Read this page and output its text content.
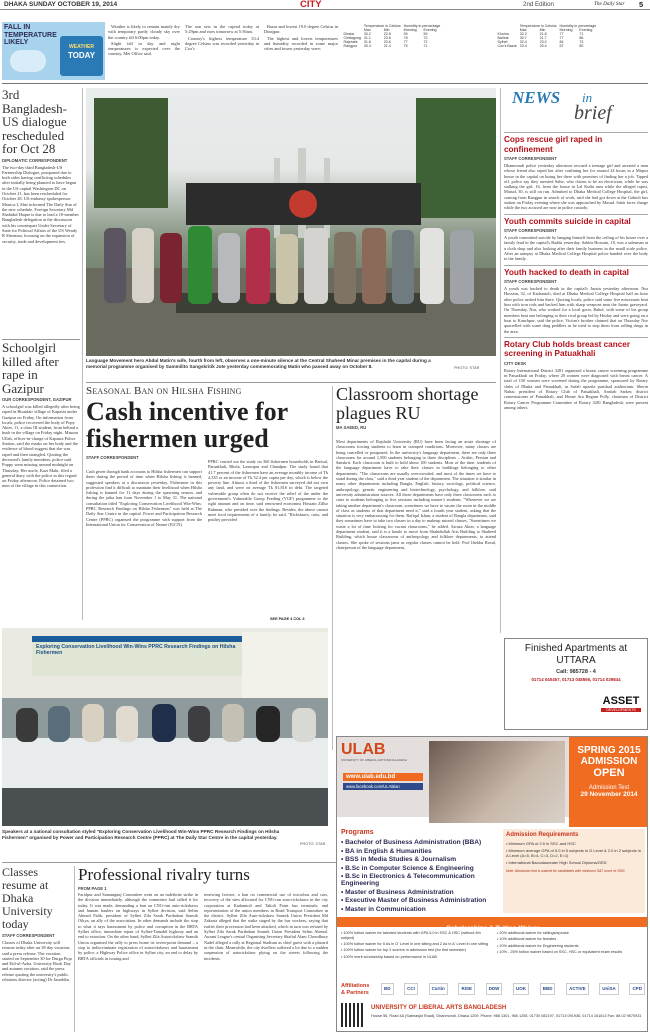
DHAKA SUNDAY OCTOBER 19, 2014	CITY	2nd Edition	The Daily Star 5
FALL IN TEMPERATURE LIKELY
WEATHER
TODAY

Weather is likely to remain mainly dry with temporary partly cloudy sky over the country till 6:00pm today.

Slight fall in day and night temperatures is expected over the country, Met Office said.

The sun sets in the capital today at 5:29pm and rises tomorrow at 5:56am.

Country's highest temperature 33.4 degree Celsius was recorded yesterday in Cox's

Bazar and lowest 19.0 degree Celsius in Dinajpur.

The highest and lowest temperatures and humidity recorded in some major cities and towns yesterday were:

	Temperature in Celsius		Humidity in percentage	
	Max	Min	Morning	Evening
Dhaka	30.2	22.8	59	59
Chittagong	31.1	23.6	78	72
Rajshahi	31.6	20.6	77	72
Rangpur	30.4	21.4	75	71
	Temperature in Celsius		Humidity in percentage	
	Max	Min	Morning	Evening
Khulna	32.2	21.8	77	71
Barisal	30.7	21.7	77	86
Sylhet	32.4	23.0	84	73
Cox's Bazar	33.4	25.4	57	80
3rd Bangladesh-US dialogue rescheduled for Oct 28
DIPLOMATIC CORRESPONDENT
The two-day third Bangladesh-US Partnership Dialogue, postponed due to both sides having conflicting schedules after initially being planned to have begun in the US capital Washington DC on October 21, has been rescheduled for October 28. US embassy spokesperson Monica L Shie informed The Daily Star of the new schedule. Foreign Secretary Md Shahidul Haque is due to lead a 10-member Bangladesh delegation at the discussion with his counterpart Under Secretary of State for Political Affairs of the US Wendy R Sherman, focusing on the expansion of security, trade and development ties.
Schoolgirl killed after rape in Gazipur
OUR CORRESPONDENT, GAZIPUR
A schoolgirl was killed allegedly after being raped in Biraidair village of Kapasia under Gazipur on Friday. On information from locals, police recovered the body of Popy Akter, 11, a class III student, from behind a bush in the village on Friday night. Masum Ullah, officer-in-charge of Kapasia Police Station, said the marks on her body and the evidence of blood suggest that she was raped and then strangled. Quoting the deceased's family members, police said Poppy went missing around midnight on Thursday. Her uncle, Kazi Mahi, filed a general diary with the police in this regard on Friday afternoon. Police detained two men of the village in this connection.
Language Movement hero Abdul Matin's wife, fourth from left, observes a one-minute silence at the Central Shaheed Minar premises in the capital during a memorial programme organised by Sammilito Sangskritik Jote yesterday commemorating Matin who passed away on October 8.	PHOTO: STAR
Seasonal Ban on Hilsha Fishing
Cash incentive for fishermen urged
STAFF CORRESPONDENT
Cash given through bank accounts to Hilsha fishermen can support them during the period of time when Hilsha fishing is banned, suggested speakers at a discussion yesterday. Fishermen in this profession find it difficult to maintain their livelihood when Hilsha fishing is banned for 11 days during the spawning season, and during the jatka ban from November 1 to May 31. The national consultation titled "Exploring Conservation Livelihood Win-Wins: PPRC Research Findings on Hilsha Fishermen" was held at The Daily Star Centre in the capital. Power and Participation Research Centre (PPRC) organised the programme with support from the International Union for Conservation of Nature (IUCN).
PPRC carried out the study on 360 fishermen households in Barisal, Patuakhali, Bhola, Laxmipur and Chandpur. The study found that 41.7 percent of the fishermen have an average monthly income of Tk 4,335 or an income of Tk 52.4 per capita per day, which is below the poverty line. Almost a third of the fishermen surveyed did not own any land, and were on average Tk 81,816 in debt. The targeted vulnerable group often do not receive the relief of the under the government's Vulnerable Group Feeding (VGF) programme to the right amount and on time, said renowned economist Hossain Zillur Rahman, who presided over the findings. Besides, the above cannot meet food requirements of a family, he said. "Rickshaws, carts, and poultry provided
SEE PAGE 4 COL 3
Classroom shortage plagues RU
MA SAEED, RU
Most departments of Rajshahi University (RU) have been facing an acute shortage of classrooms forcing students to learn in cramped conditions. Moreover, many classes are being cancelled or postponed. In the university's language department, there are only three classrooms for around 1,500 students belonging to three disciplines – Arabic, Persian and Sanskrit. Each classroom is built to hold about 100 students. Most of the time, students of the language department have to take their classes in buildings belonging to other departments. "The classrooms are usually overcrowded, and most of the times we have to stand during the class," said a third year student of the department. The situation is similar in many other departments including Bangla, English, history, sociology, political science, anthropology, genetic engineering and biotechnology, psychology, and folklore, said university administration sources. All those departments have only three classrooms each to cater to students belonging to five sessions including master's students. "Whenever we are taking another department's classroom, sometimes we have to vacate the room in the middle of class as students of that department need it," said a fourth year student, asking that the situation is very embarrassing for them. Rafiqul Islam, a student of Bangla department, said they sometimes have to take two classes in a day to makeup missed classes. "Sometimes we waste a lot of time looking for vacant classrooms," he added. Asraza Akter, a language department student, said it is a hassle to move from Shahidullah Arts Building to Shaheed Building, which house classrooms of anthropology and folklore departments, to attend classes. She spoke of sessions jams as regular classes cannot be held. Prof Iftekha Rosul, chairperson of the language department,
Exploring Conservation Livelihood Win-Wins PPRC Research Findings on Hilsha Fishermen
Speakers at a national consultation styled "Exploring Conservation Livelihood Win-Wins PPRC Research Findings on Hilsha Fishermen" organised by Power and Participation Research Centre (PPRC) at The Daily Star Centre in the capital yesterday.
PHOTO: STAR
Classes resume at Dhaka University today
STAFF CORRESPONDENT
Classes of Dhaka University will resume today after an 18-day vacation, said a press release. The vacation started on September 30 for Durga Puja and Eid-ul-Azha. University Book Day and autumn vacation, said the press release quoting the university's public relations director (acting) Dr Jasuddin.
Professional rivalry turns
FROM PAGE 1
Faridpur and Sunamganj Committee went on an indefinite strike in the division immediately, although the committee had called it for today. It was made, demanding a ban on CNG-run auto-rickshaws and human haulers on highways in Sylhet division, said Selim Ahmed Falik, president of Sylhet Zila Sarak Paribahan Sramik Oikya, an ally of the association. In other demands include tho stop to what it says harassment by police and corruption in the BRTA Sylhet office, immediate repair of Sylhet-Tamabil highway and an end to extortion. On the other hand, Sylhet Zila Autorickshaw Sramik Union organised the rally to press home its seven-point demand – a stop to indiscriminate registration of autorickshaws and harassment by police, a Highway Police office in Sylhet city, an end to delay by BRTA officials in issuing and
renewing licence, a ban on commercial use of microbus and cars, recovery of the sites allocated for CNG-run auto-rickshaws in the city corporation at Kadamtoli and Taltoli Point bus terminals, and representation of the union members in Road Transport Committee in the district. Sylhet Zila Auto-rickshaw Sramik Union President Md Zakaria alleged that the strike staged by the bus workers, saying that earlier their procession had been attacked, which in turn was refused by Sylhet Zila Sarak Paribahan Sramik Union President Selim Ahmed. Awami League's central Organising Secretary Shafiul Alam Chowdhury Nadel alleged a rally at Regional Stadium as chief guest with a placard in the chair. Meanwhile, the city dwellers suffered a lot due to a sudden suspension of autorickshaw plying on the streets following the incidents.
NEWS in
brief
Cops rescue girl raped in confinement
STAFF CORRESPONDENT
Dhanmondi police yesterday afternoon rescued a teenage girl and arrested a man whose friend also raped her after confining her for around 24 hours in a Mirpur house in the capital on luring her there with promises of finding her a job. Tipped off, police say they arrested Sabir, who claims to be an electrician, while he was stalking the girl, 16, from the house in Lal Kuthi area while the alleged rapist, Masud, 30, is still on run. Admitted to Dhaka Medical College Hospital, the girl, coming from Rangpur in search of work, said she had got down at the Gabtoli bus station on Friday evening where she was approached by Masud. Sabir faces charge while the two accused are now in police custody.
Youth commits suicide in capital
STAFF CORRESPONDENT
A youth committed suicide by hanging himself from the ceiling of his house over a family feud in the capital's Badda yesterday. Sabbir Hossain, 18, was a salesman at a cloth shop and also looking after their family business in the small scale police. After an autopsy at Dhaka Medical College Hospital police handed over the body to the family.
Youth hacked to death in capital
STAFF CORRESPONDENT
A youth was hacked to death in the capital's Jurain yesterday afternoon. Nur Hossain, 32, of Kadamtoli, died at Dhaka Medical College Hospital half an hour after police rushed him there. Quoting locals, police said some five miscreants beat him with iron rods and hacked him with sharp weapons near the Jurain graveyard. On Thursday, Nur, who worked for a local goon, Rahul, with some of his group members beat one belonging to their rival group led by Hridoy and were going on a boat to Kanchpur, said the police. Victim's brother claimed that on Thursday Nur quarrelled with some drug peddlers as he tried to stop them from selling drugs in the area.
Rotary Club holds breast cancer screening in Patuakhali
CITY DESK
Rotary International District 3281 organised a breast cancer screening programme in Patuakhali on Friday, where 20 women were diagnosed with breast cancer. A total of 150 women were screened during the programme, sponsored by Rotary clubs of Dhaka and Patuakhali, in Sufali upazila parishad auditorium. Sherin Nahar, president of Rotary Club of Patuakhali, Amitab Sarker, district commissioner of Patuakhali, and Hosne Ara Begum Polly, chairman of District Rotary Cancer Programme Committee of Rotary 3281 Bangladesh, were present among others.
Finished Apartments at UTTARA
Call: 985728 - 4
01714 040457, 01713 048556, 01714 029844
ASSET
DEVELOPMENTS
ULAB
UNIVERSITY OF LIBERAL ARTS BANGLADESH
www.ulab.edu.bd
www.facebook.com/ULABian
SPRING 2015
ADMISSION
OPEN
Admission Test
29 November 2014
Programs
• Bachelor of Business Administration (BBA)
• BA in English & Humanities
• BSS in Media Studies & Journalism
• B.Sc in Computer Science & Engineering
• B.Sc in Electronics & Telecommunication Engineering
• Master of Business Administration
• Executive Master of Business Administration
• Master in Communication
Admission Requirements
• Minimum GPA of 2.5 in SSC and HSC
• Minimum average GPA of 5.0 in 5 subjects in O Level & 2.0 in 2 subjects in A Level (A=5, B=4, C=3, D=2, E=1)
• International Baccalaureate/ High School Diploma/GED
Note: Admission test is waived for candidates with minimum SAT score of 1500
Scholarships & Tuition Waiver
• 100% tuition waiver for talented students with GPA 5.0 in SSC & HSC (without 4th subject)
• 100% tuition waiver for 5 As in O' Level in one sitting and 2 As in A' Level in one sitting
• 100% tuition waiver for top 3 scorers in admission test (for first semester)
• 100% merit scholarship based on performance in ULAB
• 20% additional waiver for siblings/spouse
• 10% additional waiver for females
• 10% additional waiver for Engineering students
• 10% - 25% tuition waiver based on SSC, HSC or equivalent exam results
Affiliations
& Partners
BD	CCI	Curtin	RISE	DDW	UOK	BBD	ACTIVE	UniSA	CPD
UNIVERSITY OF LIBERAL ARTS BANGLADESH
House 56, Road 4A (Satmasjid Road), Dhanmondi, Dhaka 1209. Phone: 966 1301, 966 1255, 01730 082197, 01713 091936, 01714 161613 Fax: 88 02 9670931
